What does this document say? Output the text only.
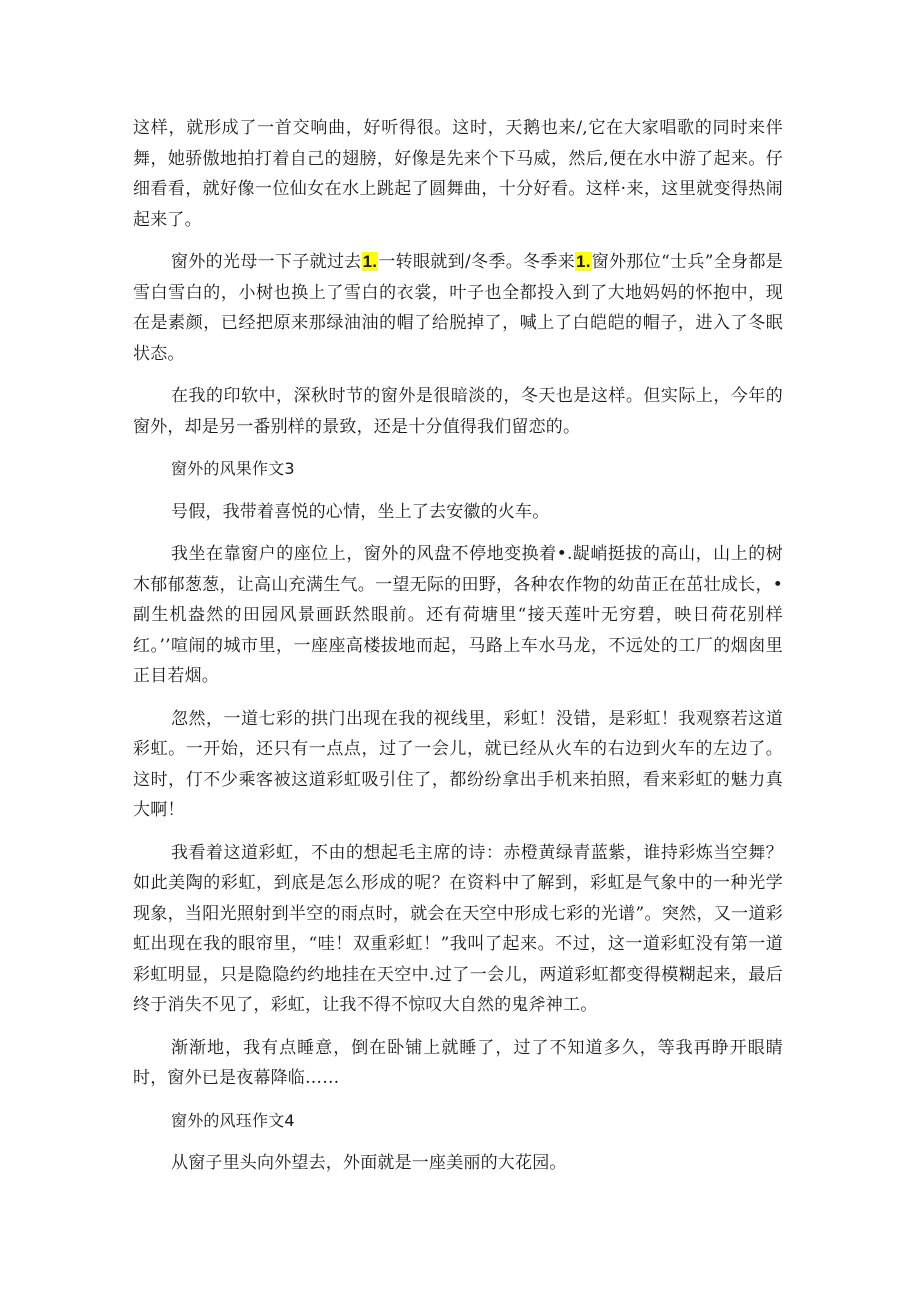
这样，就形成了一首交响曲，好听得很。这时，天鹅也来/,它在大家唱歌的同时来伴舞，她骄傲地拍打着自己的翅膀，好像是先来个下马威，然后,便在水中游了起来。仔细看看，就好像一位仙女在水上跳起了圆舞曲，十分好看。这样·来，这里就变得热闹起来了。

窗外的光母一下子就过去1.一转眼就到/冬季。冬季来1.窗外那位“士兵”全身都是雪白雪白的，小树也换上了雪白的衣裳，叶子也全都投入到了大地妈妈的怀抱中，现在是素颜，已经把原来那绿油油的帽了给脱掉了，喊上了白皑皑的帽子，进入了冬眠状态。

在我的印软中，深秋时节的窗外是很暗淡的，冬天也是这样。但实际上，今年的窗外，却是另一番别样的景致，还是十分值得我们留恋的。

窗外的风果作文3

号假，我带着喜悦的心情，坐上了去安徽的火车。

我坐在靠窗户的座位上，窗外的风盘不停地变换着•.龊峭挺拔的高山，山上的树木郁郁葱葱，让高山充满生气。一望无际的田野，各种农作物的幼苗正在茁壮成长，•副生机盎然的田园风景画跃然眼前。还有荷塘里“接天莲叶无穷碧，映日荷花别样红。’’喧闹的城市里，一座座高楼拔地而起，马路上车水马龙，不远处的工厂的烟囱里正目若烟。

忽然，一道七彩的拱门出现在我的视线里，彩虹！没错，是彩虹！我观察若这道彩虹。一开始，还只有一点点，过了一会儿，就已经从火车的右边到火车的左边了。这时，仃不少乘客被这道彩虹吸引住了，都纷纷拿出手机来拍照，看来彩虹的魅力真大啊！

我看着这道彩虹，不由的想起毛主席的诗：赤橙黄绿青蓝紫，谁持彩炼当空舞？如此美陶的彩虹，到底是怎么形成的呢？在资料中了解到，彩虹是气象中的一种光学现象，当阳光照射到半空的雨点时，就会在天空中形成七彩的光谱”。突然，又一道彩虹出现在我的眼帘里，“哇！双重彩虹！”我叫了起来。不过，这一道彩虹没有第一道彩虹明显，只是隐隐约约地挂在天空中.过了一会儿，两道彩虹都变得模糊起来，最后终于消失不见了，彩虹，让我不得不惊叹大自然的鬼斧神工。

渐渐地，我有点睡意，倒在卧铺上就睡了，过了不知道多久，等我再睁开眼睛时，窗外已是夜幕降临……

窗外的风珏作文4

从窗子里头向外望去，外面就是一座美丽的大花园。
